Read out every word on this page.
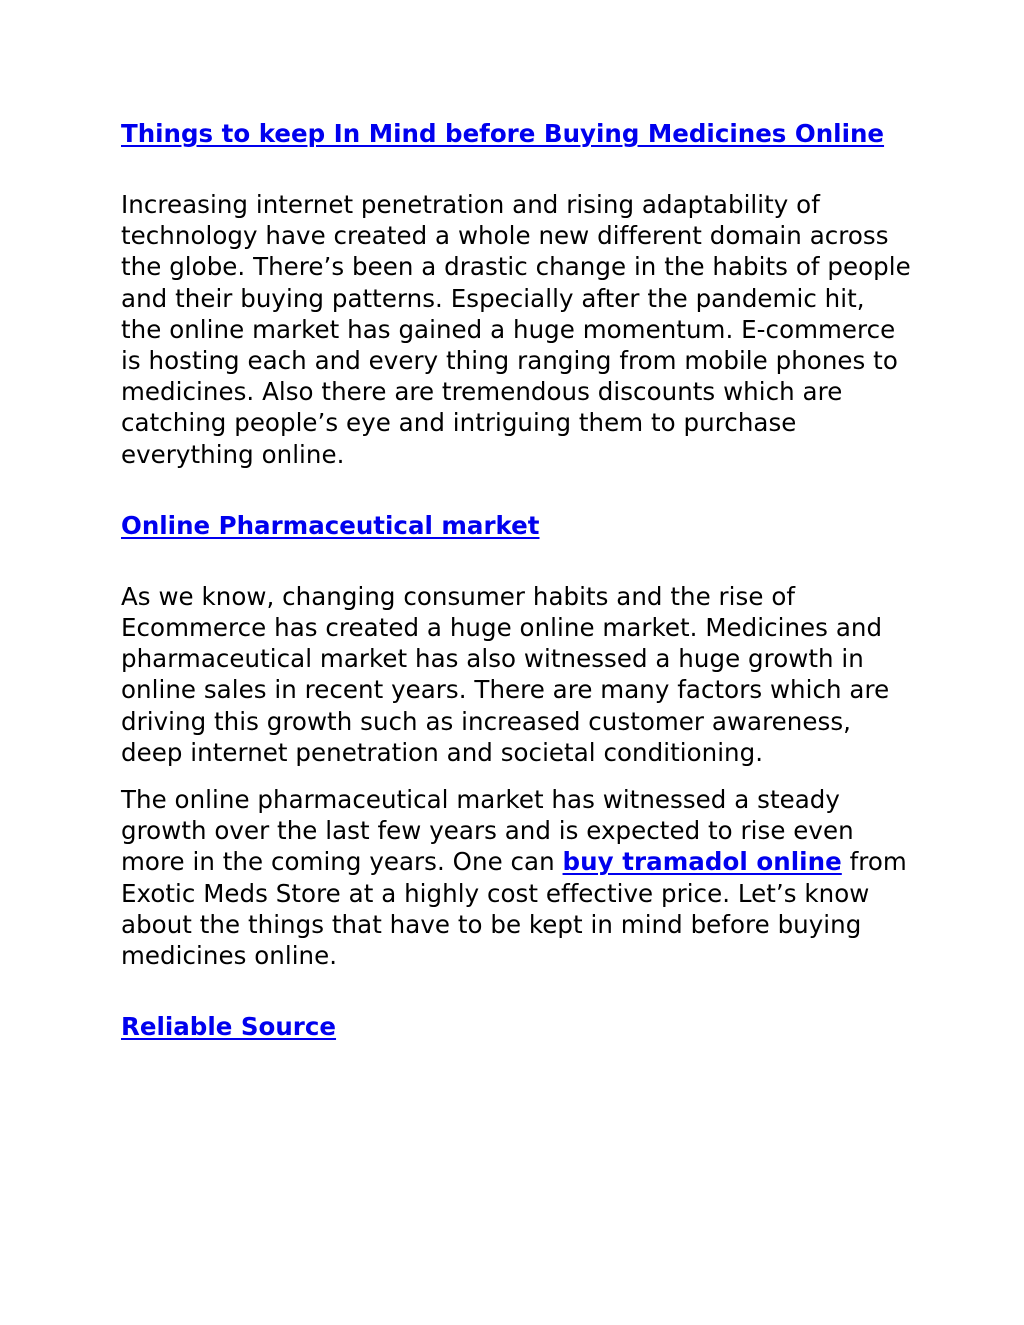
Things to keep In Mind before Buying Medicines Online

Increasing internet penetration and rising adaptability of technology have created a whole new different domain across the globe. There’s been a drastic change in the habits of people and their buying patterns. Especially after the pandemic hit, the online market has gained a huge momentum. E-commerce is hosting each and every thing ranging from mobile phones to medicines. Also there are tremendous discounts which are catching people’s eye and intriguing them to purchase everything online.

Online Pharmaceutical market

As we know, changing consumer habits and the rise of Ecommerce has created a huge online market. Medicines and pharmaceutical market has also witnessed a huge growth in online sales in recent years. There are many factors which are driving this growth such as increased customer awareness, deep internet penetration and societal conditioning.

The online pharmaceutical market has witnessed a steady growth over the last few years and is expected to rise even more in the coming years. One can buy tramadol online from Exotic Meds Store at a highly cost effective price. Let’s know about the things that have to be kept in mind before buying medicines online.

Reliable Source
